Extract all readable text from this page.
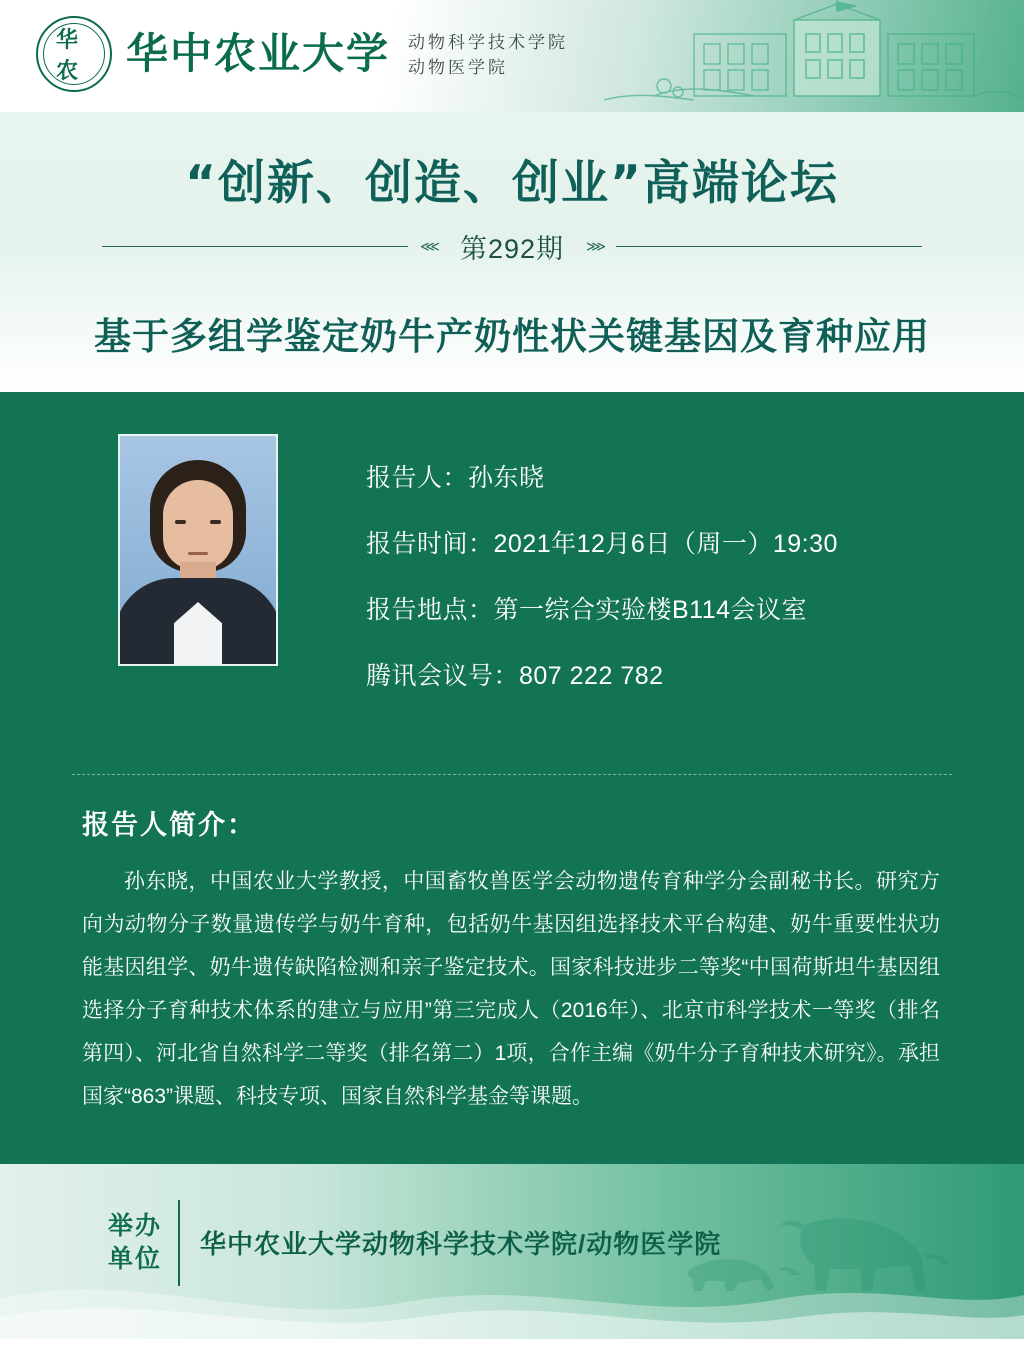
华农	华中农业大学 动物科学技术学院
动物医学院
“创新、创造、创业”高端论坛
⋘ 第292期	⋙
基于多组学鉴定奶牛产奶性状关键基因及育种应用
报告人：孙东晓
报告时间：2021年12月6日（周一）19:30
报告地点：第一综合实验楼B114会议室
腾讯会议号：807 222 782
报告人简介：
孙东晓，中国农业大学教授，中国畜牧兽医学会动物遗传育种学分会副秘书长。研究方向为动物分子数量遗传学与奶牛育种，包括奶牛基因组选择技术平台构建、奶牛重要性状功能基因组学、奶牛遗传缺陷检测和亲子鉴定技术。国家科技进步二等奖“中国荷斯坦牛基因组选择分子育种技术体系的建立与应用”第三完成人（2016年）、北京市科学技术一等奖（排名第四）、河北省自然科学二等奖（排名第二）1项，合作主编《奶牛分子育种技术研究》。承担国家“863”课题、科技专项、国家自然科学基金等课题。
举办
单位 华中农业大学动物科学技术学院/动物医学院
